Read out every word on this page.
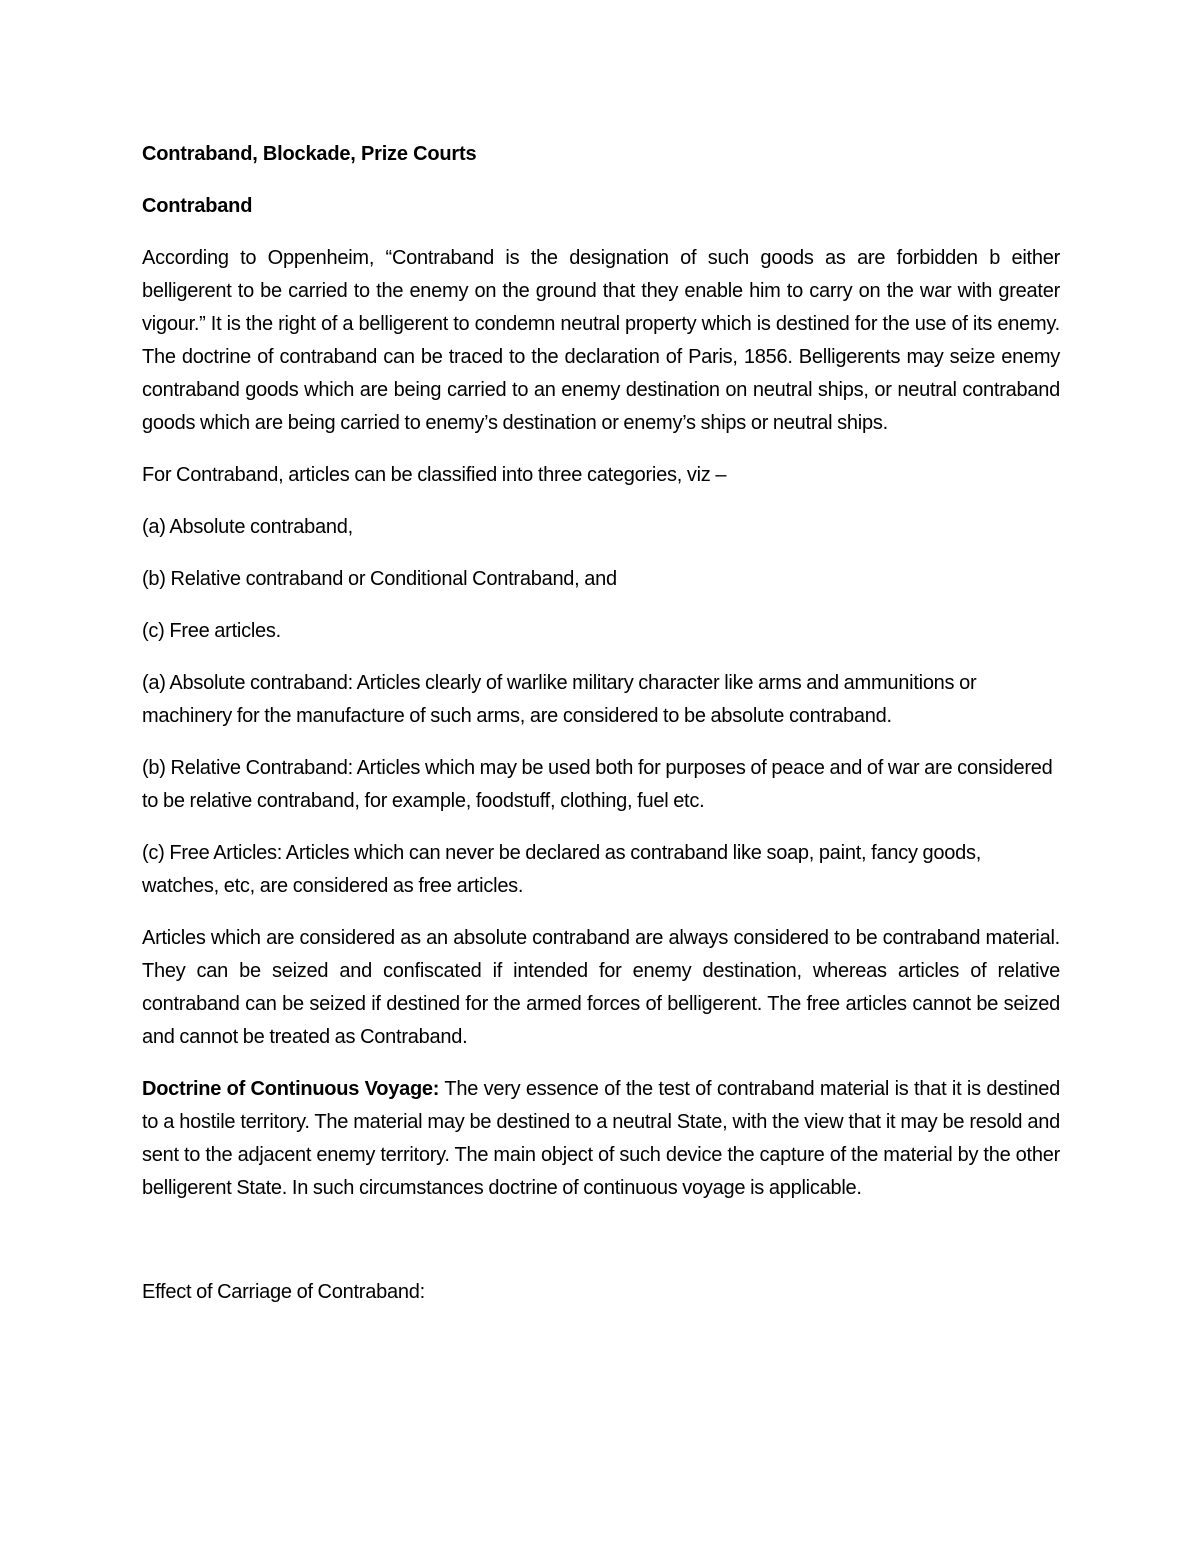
Contraband, Blockade, Prize Courts

Contraband

According to Oppenheim, “Contraband is the designation of such goods as are forbidden b either belligerent to be carried to the enemy on the ground that they enable him to carry on the war with greater vigour.” It is the right of a belligerent to condemn neutral property which is destined for the use of its enemy. The doctrine of contraband can be traced to the declaration of Paris, 1856. Belligerents may seize enemy contraband goods which are being carried to an enemy destination on neutral ships, or neutral contraband goods which are being carried to enemy’s destination or enemy’s ships or neutral ships.

For Contraband, articles can be classified into three categories, viz –

(a) Absolute contraband,

(b) Relative contraband or Conditional Contraband, and

(c) Free articles.

(a) Absolute contraband: Articles clearly of warlike military character like arms and ammunitions or machinery for the manufacture of such arms, are considered to be absolute contraband.

(b) Relative Contraband: Articles which may be used both for purposes of peace and of war are considered to be relative contraband, for example, foodstuff, clothing, fuel etc.

(c) Free Articles: Articles which can never be declared as contraband like soap, paint, fancy goods, watches, etc, are considered as free articles.

Articles which are considered as an absolute contraband are always considered to be contraband material. They can be seized and confiscated if intended for enemy destination, whereas articles of relative contraband can be seized if destined for the armed forces of belligerent. The free articles cannot be seized and cannot be treated as Contraband.

Doctrine of Continuous Voyage: The very essence of the test of contraband material is that it is destined to a hostile territory. The material may be destined to a neutral State, with the view that it may be resold and sent to the adjacent enemy territory. The main object of such device the capture of the material by the other belligerent State. In such circumstances doctrine of continuous voyage is applicable.

Effect of Carriage of Contraband:
